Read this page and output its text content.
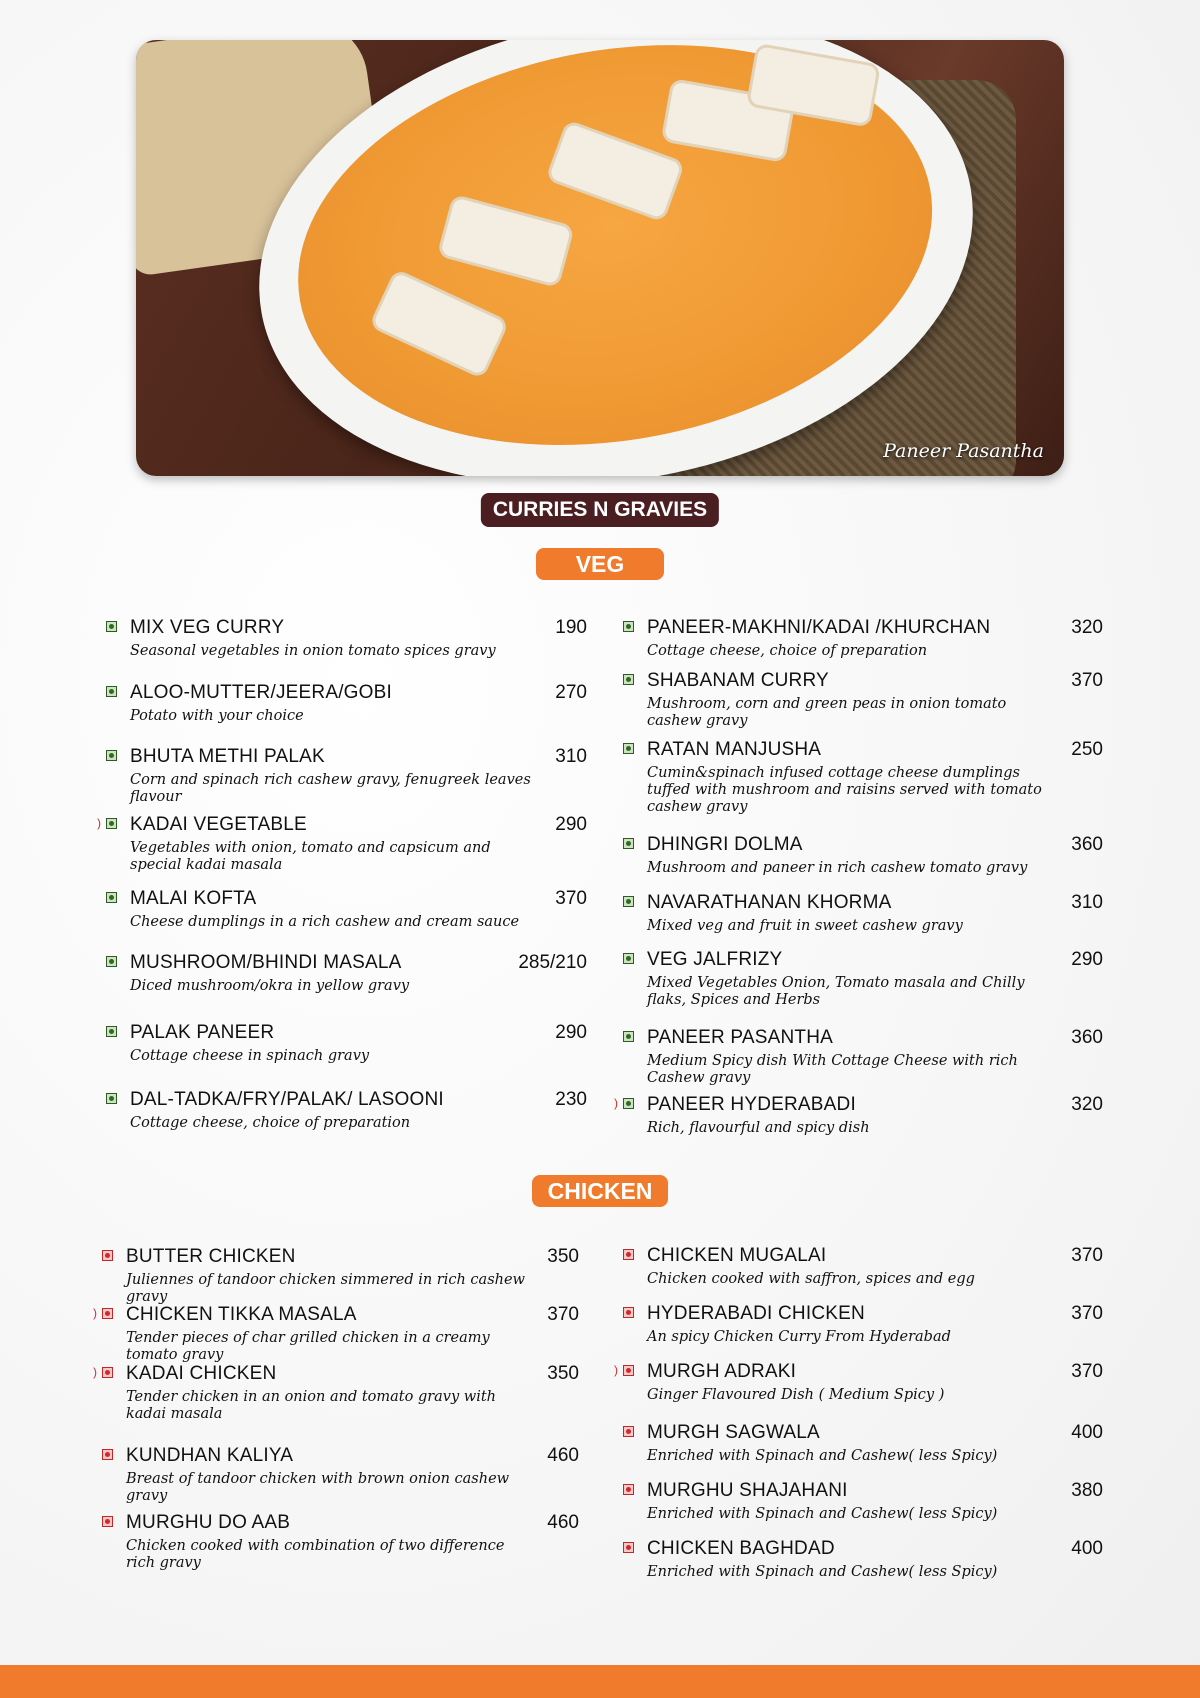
Paneer Pasantha
CURRIES N GRAVIES
VEG
CHICKEN
MIX VEG CURRY	190
Seasonal vegetables in onion tomato spices gravy
ALOO-MUTTER/JEERA/GOBI	270
Potato with your choice
BHUTA METHI PALAK	310
Corn and spinach rich cashew gravy, fenugreek leaves flavour
) KADAI VEGETABLE	290
Vegetables with onion, tomato and capsicum and special kadai masala
MALAI KOFTA	370
Cheese dumplings in a rich cashew and cream sauce
MUSHROOM/BHINDI MASALA	285/210
Diced mushroom/okra in yellow gravy
PALAK PANEER	290
Cottage cheese in spinach gravy
DAL-TADKA/FRY/PALAK/ LASOONI	230
Cottage cheese, choice of preparation
PANEER-MAKHNI/KADAI /KHURCHAN	320
Cottage cheese, choice of preparation
SHABANAM CURRY	370
Mushroom, corn and green peas in onion tomato cashew gravy
RATAN MANJUSHA	250
Cumin&spinach infused cottage cheese dumplings tuffed with mushroom and raisins served with tomato cashew gravy
DHINGRI DOLMA	360
Mushroom and paneer in rich cashew tomato gravy
NAVARATHANAN KHORMA	310
Mixed veg and fruit in sweet cashew gravy
VEG JALFRIZY	290
Mixed Vegetables Onion, Tomato masala and Chilly flaks, Spices and Herbs
PANEER PASANTHA	360
Medium Spicy dish With Cottage Cheese with rich Cashew gravy
) PANEER HYDERABADI	320
Rich, flavourful and spicy dish
BUTTER CHICKEN	350
Juliennes of tandoor chicken simmered in rich cashew gravy
) CHICKEN TIKKA MASALA	370
Tender pieces of char grilled chicken in a creamy tomato gravy
) KADAI CHICKEN	350
Tender chicken in an onion and tomato gravy with kadai masala
KUNDHAN KALIYA	460
Breast of tandoor chicken with brown onion cashew gravy
MURGHU DO AAB	460
Chicken cooked with combination of two difference rich gravy
CHICKEN MUGALAI	370
Chicken cooked with saffron, spices and egg
HYDERABADI CHICKEN	370
An spicy Chicken Curry From Hyderabad
) MURGH ADRAKI	370
Ginger Flavoured Dish ( Medium Spicy )
MURGH SAGWALA	400
Enriched with Spinach and Cashew( less Spicy)
MURGHU SHAJAHANI	380
Enriched with Spinach and Cashew( less Spicy)
CHICKEN BAGHDAD	400
Enriched with Spinach and Cashew( less Spicy)
